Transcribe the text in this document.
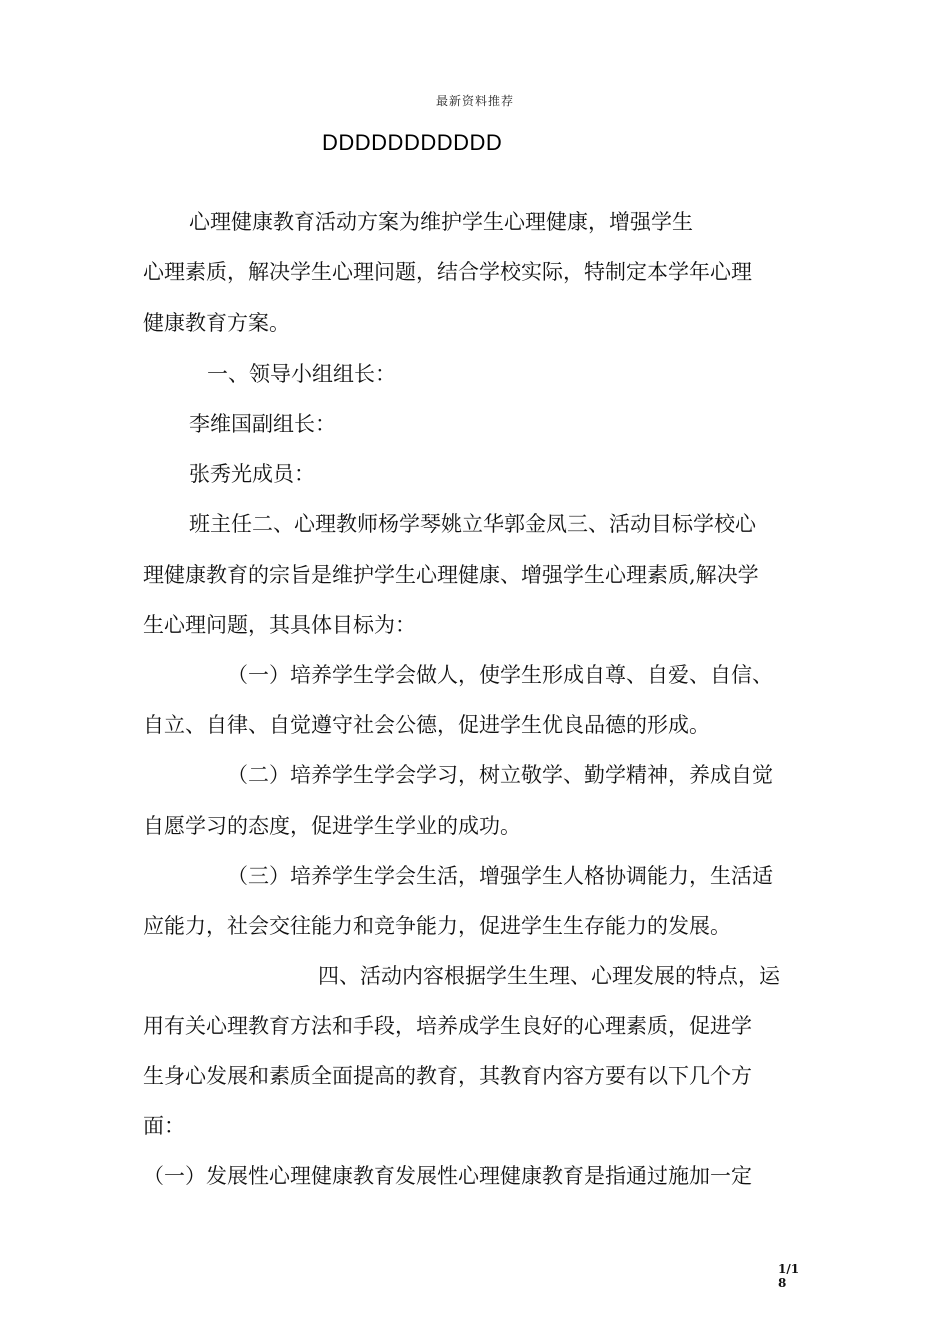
最新资料推荐
DDDDDDDDDDD
心理健康教育活动方案为维护学生心理健康，增强学生
心理素质，解决学生心理问题，结合学校实际，特制定本学年心理
健康教育方案。
一、领导小组组长：
李维国副组长：
张秀光成员：
班主任二、心理教师杨学琴姚立华郭金凤三、活动目标学校心
理健康教育的宗旨是维护学生心理健康、增强学生心理素质,解决学
生心理问题，其具体目标为：
（一）培养学生学会做人，使学生形成自尊、自爱、自信、
自立、自律、自觉遵守社会公德，促进学生优良品德的形成。
（二）培养学生学会学习，树立敬学、勤学精神，养成自觉
自愿学习的态度，促进学生学业的成功。
（三）培养学生学会生活，增强学生人格协调能力，生活适
应能力，社会交往能力和竞争能力，促进学生生存能力的发展。
四、活动内容根据学生生理、心理发展的特点，运
用有关心理教育方法和手段，培养成学生良好的心理素质，促进学
生身心发展和素质全面提高的教育，其教育内容方要有以下几个方
面：
（一）发展性心理健康教育发展性心理健康教育是指通过施加一定
1/1
8
